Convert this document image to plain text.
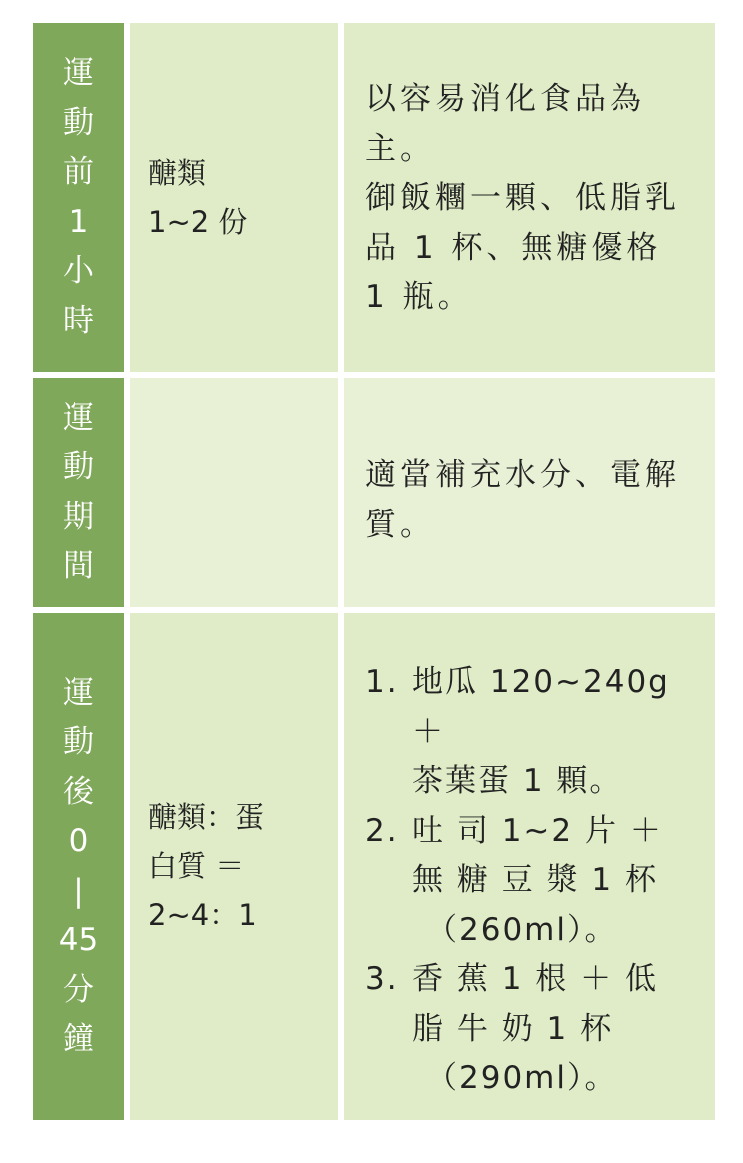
運
動
前
1
小
時
醣類
1~2 份
以容易消化食品為主。
御飯糰一顆、低脂乳品 1 杯、無糖優格 1 瓶。
運
動
期
間
適當補充水分、電解質。
運
動
後
0
|
45
分
鐘
醣類：蛋
白質 ＝
2~4：1
1. 地瓜 120~240g ＋
茶葉蛋 1 顆。
2. 吐 司 1~2 片 ＋
無 糖 豆 漿 1 杯
（260ml）。
3. 香 蕉 1 根 ＋ 低
脂 牛 奶 1 杯
（290ml）。
